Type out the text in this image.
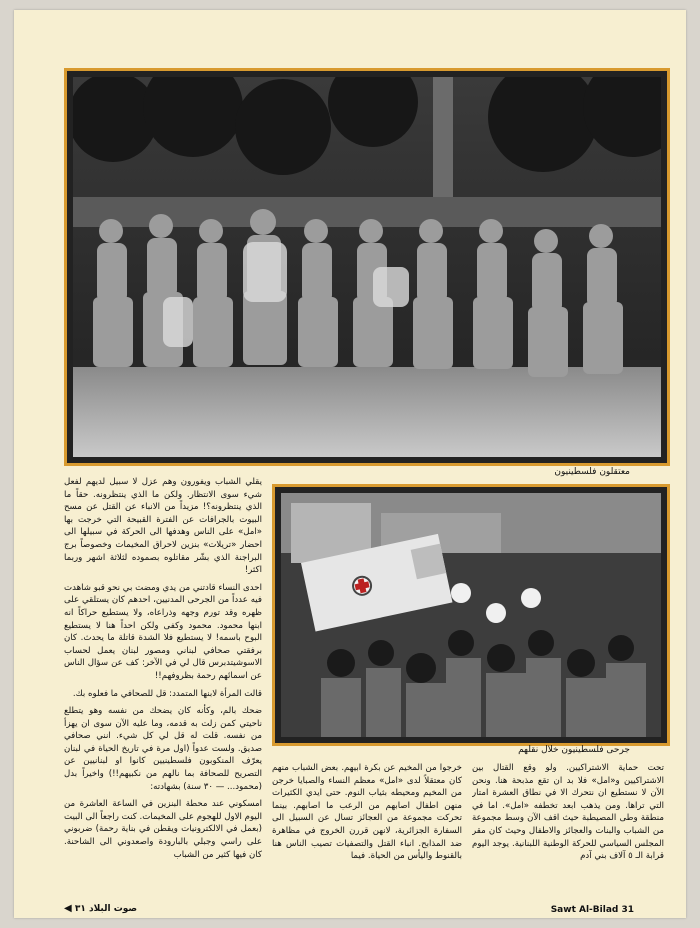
معتقلون فلسطينيون
جرحى فلسطينيون خلال نقلهم

يقلي الشباب ويفورون وهم عزل لا سبيل لديهم لفعل شيء سوى الانتظار. ولكن ما الذي ينتظرونه. حقاً ما الذي ينتظرونه؟! مزيداً من الانباء عن القتل عن مسح البيوت بالجرافات عن الفترة القبيحة التي خرجت بها «امل» على الناس وهدفها الى الحركة في سبيلها الى احضار «تريلات» بنزين لاحراق المخيمات وخصوصاً برج البراجنة الذي بشّر مقاتلوه بصموده لثلاثة اشهر وربما اكثر!

احدى النساء قادتني من يدي ومضت بي نحو قبو شاهدت فيه عدداً من الجرحى المدنيين، احدهم كان يستلقي على ظهره وقد تورم وجهه وذراعاه، ولا يستطيع حراكاً انه ابنها محمود. محمود وكفى ولكن احداً هنا لا يستطيع البوح باسمه! لا يستطيع فلا الشدة قاتلة ما يحدث. كان برفقتي صحافي لبناني ومصور لبنان يعمل لحساب الاسوشيتدبرس قال لي في الآخر: كف عن سؤال الناس عن اسمائهم رحمة بظروفهم!!

قالت المرأة لابنها المتمدد: قل للصحافي ما فعلوه بك.

ضحك بالم، وكأنه كان يضحك من نفسه وهو يتطلع ناحيتي كمن زلت به قدمه، وما عليه الآن سوى ان يهزأ من نفسه. قلت له قل لي كل شيء. انني صحافي صديق. ولست عدواً (اول مرة في تاريخ الحياة في لبنان يعرّف المنكوبون فلسطينيين كانوا او لبنانيين عن التصريح للصحافة بما نالهم من نكبيهم!!) واخيراً بدل (محمود... — ٣٠ سنة) بشهادته:

امسكوني عند محطة البنزين في الساعة العاشرة من اليوم الاول للهجوم على المخيمات. كنت راجعاً الى البيت (بعمل في الالكترونيات ويقطن في بناية رحمة) ضربوني على راسي وجبلي بالبارودة واصعدوني الى الشاحنة. كان فيها كثير من الشباب

خرجوا من المخيم عن بكرة ابيهم. بعض الشباب منهم كان معتقلاً لدى «امل» معظم النساء والصبايا خرجن من المخيم ومحيطه بثياب النوم. حتى ايدي الكثيرات منهن اطفال اصابهم من الرعب ما اصابهم. بينما تحركت مجموعة من العجائز تسال عن السبيل الى السفارة الجزائرية، لانهن قررن الخروج في مظاهرة ضد المذابح. انباء القتل والتصفيات تصيب الناس هنا بالقنوط واليأس من الحياة. فيما

تحت حماية الاشتراكيين. ولو وقع القتال بين الاشتراكيين و«امل» فلا بد ان تقع مذبحة هنا. ونحن الآن لا نستطيع ان نتحرك الا في نطاق العشرة امتار التي تراها. ومن يذهب ابعد تخطفه «امل». اما في منطقة وطى المصيطبة حيث اقف الآن وسط مجموعة من الشباب والبنات والعجائز والاطفال وحيث كان مقر المجلس السياسي للحركة الوطنية اللبنانية. يوجد اليوم قرابة الـ ٥ آلاف بني آدم

Sawt Al-Bilad 31
صوت البلاد ٣١ ◀
